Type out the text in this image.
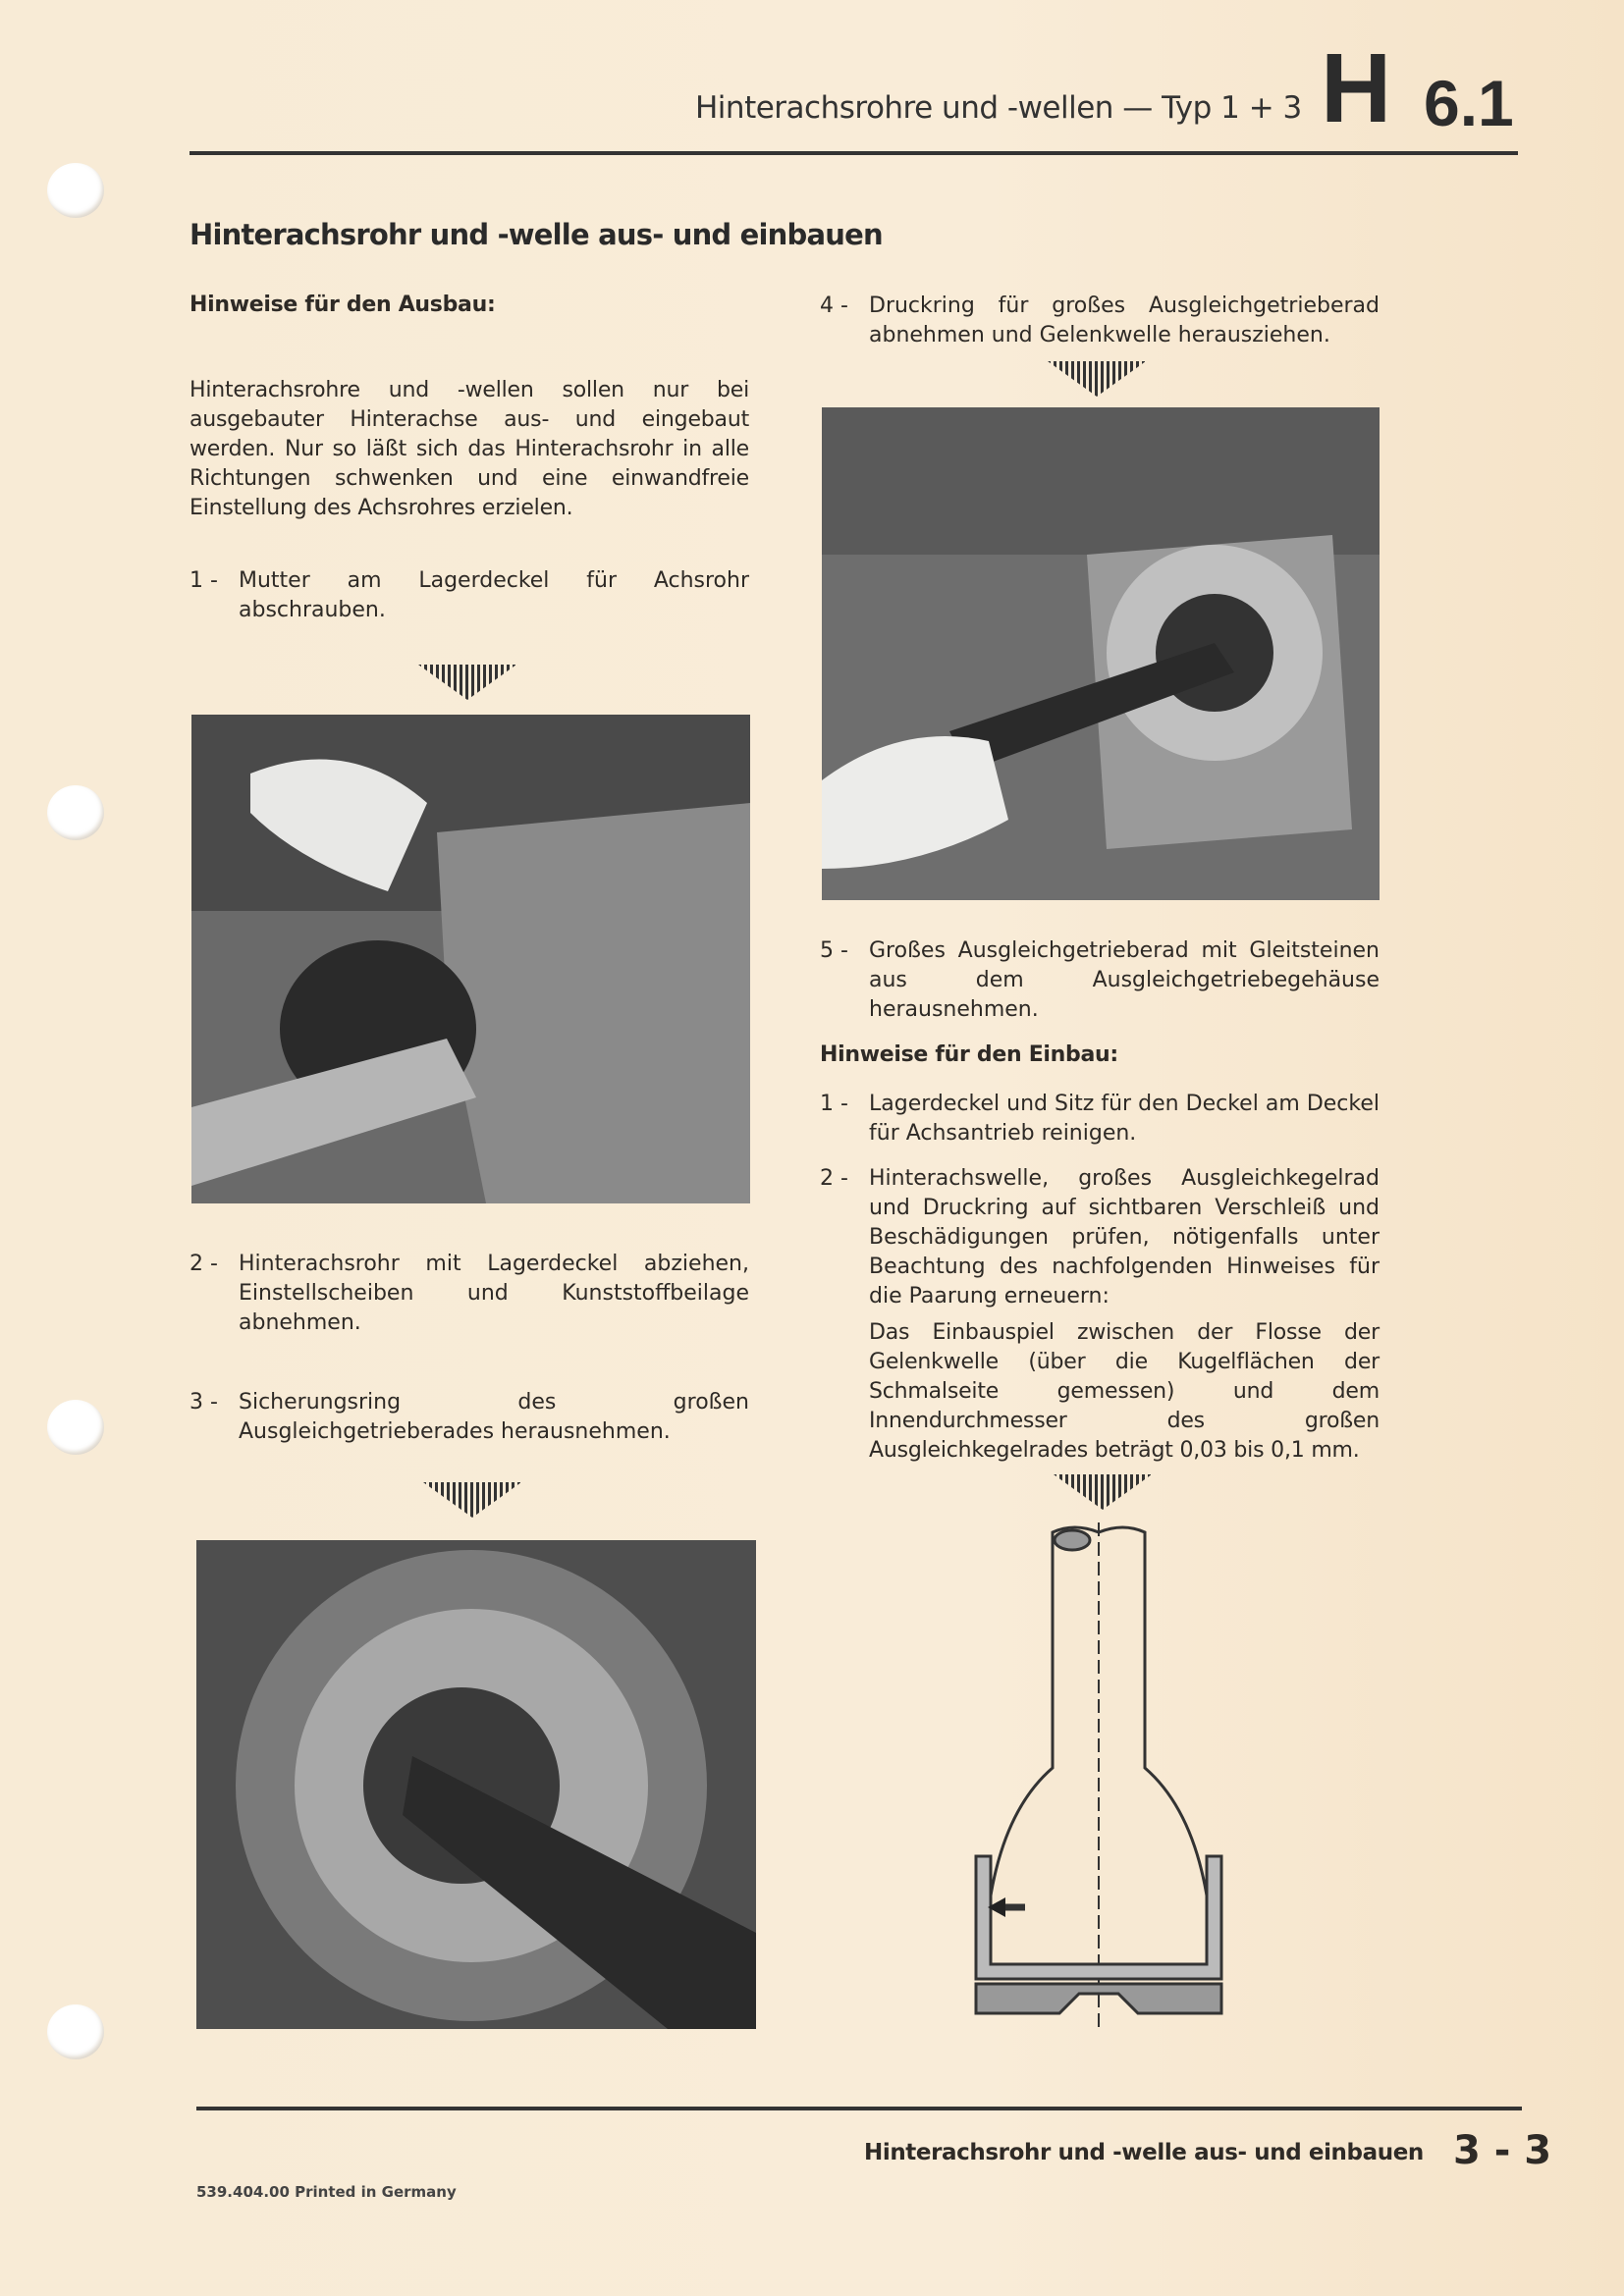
Hinterachsrohre und -wellen — Typ 1 + 3 H 6.1
Hinterachsrohr und -welle aus- und einbauen
Hinweise für den Ausbau:
Hinterachsrohre und -wellen sollen nur bei ausgebauter Hinterachse aus- und eingebaut werden. Nur so läßt sich das Hinterachsrohr in alle Richtungen schwenken und eine einwandfreie Einstellung des Achsrohres erzielen.
1 - Mutter am Lagerdeckel für Achsrohr abschrauben.
2 - Hinterachsrohr mit Lagerdeckel abziehen, Einstellscheiben und Kunststoffbeilage abnehmen.
3 - Sicherungsring des großen Ausgleichgetrieberades herausnehmen.
4 - Druckring für großes Ausgleichgetrieberad abnehmen und Gelenkwelle herausziehen.
5 - Großes Ausgleichgetrieberad mit Gleitsteinen aus dem Ausgleichgetriebegehäuse herausnehmen.
Hinweise für den Einbau:
1 - Lagerdeckel und Sitz für den Deckel am Deckel für Achsantrieb reinigen.
2 - Hinterachswelle, großes Ausgleichkegelrad und Druckring auf sichtbaren Verschleiß und Beschädigungen prüfen, nötigenfalls unter Beachtung des nachfolgenden Hinweises für die Paarung erneuern:
Das Einbauspiel zwischen der Flosse der Gelenkwelle (über die Kugelflächen der Schmalseite gemessen) und dem Innendurchmesser des großen Ausgleichkegelrades beträgt 0,03 bis 0,1 mm.
Hinterachsrohr und -welle aus- und einbauen 3 - 3
539.404.00 Printed in Germany
